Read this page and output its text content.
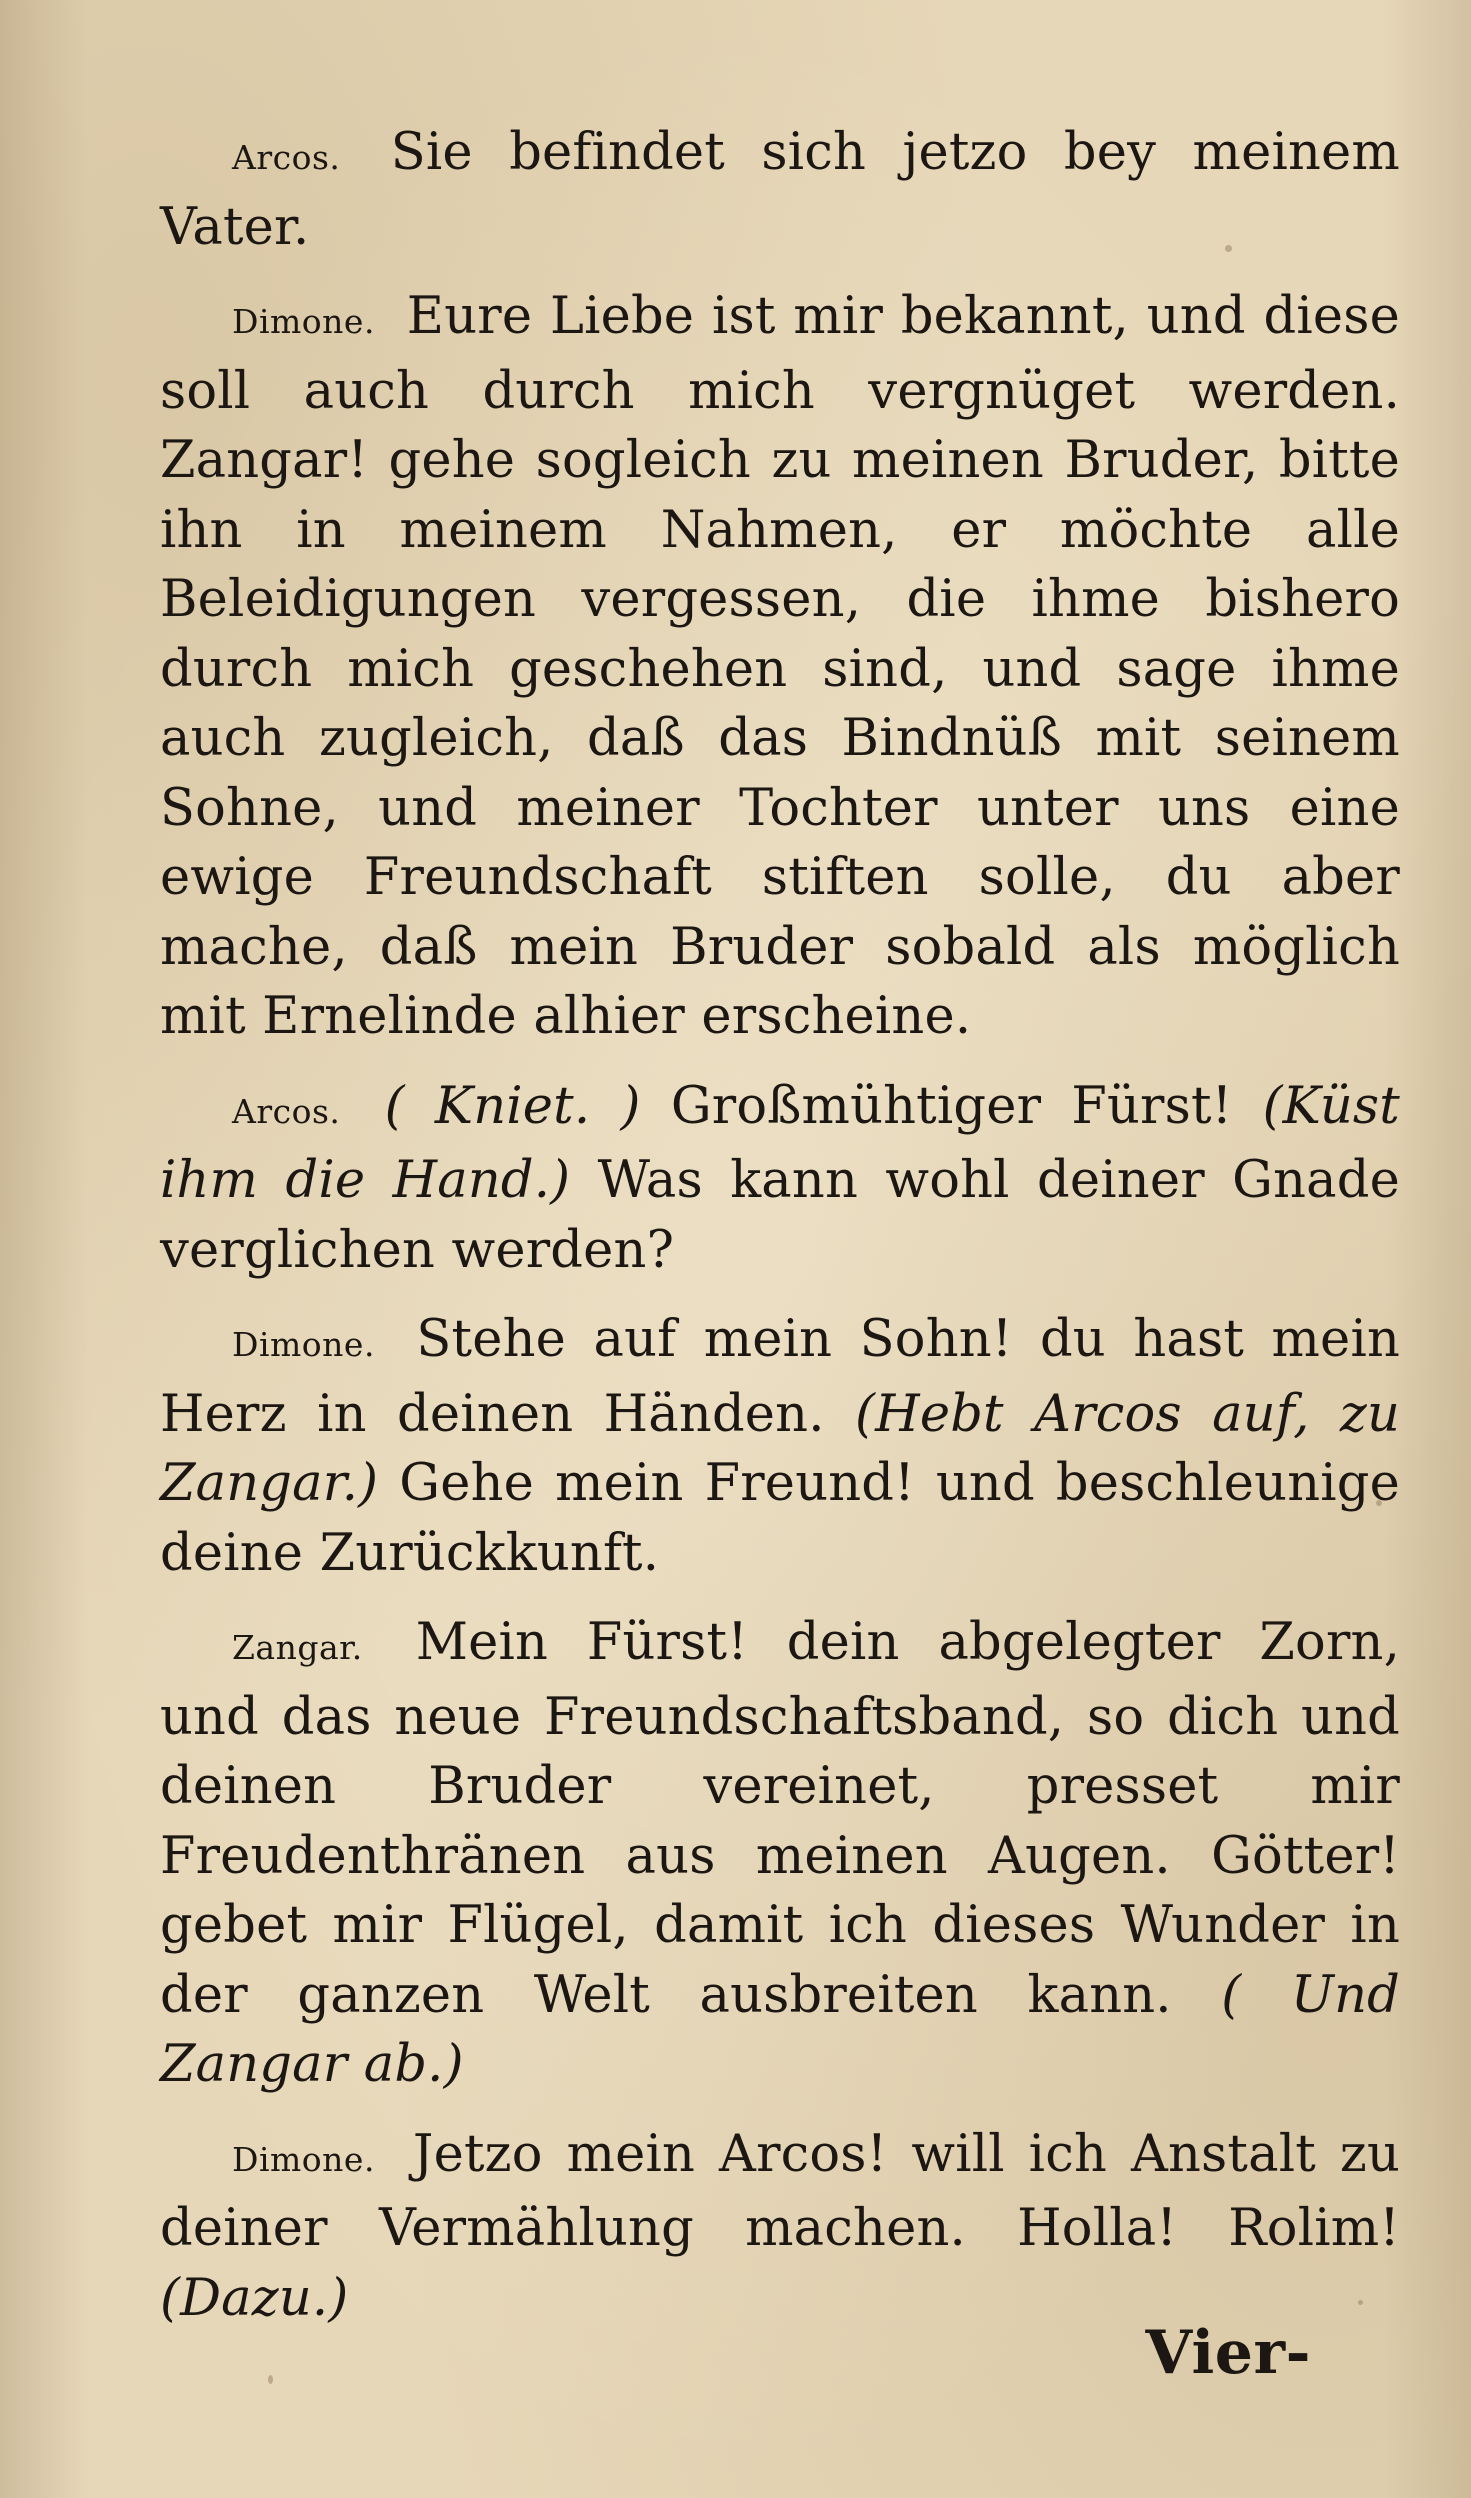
Arcos. Sie befindet sich jetzo bey meinem Vater.

Dimone. Eure Liebe ist mir bekannt, und diese soll auch durch mich vergnüget werden. Zangar! gehe sogleich zu meinen Bruder, bitte ihn in meinem Nahmen, er möchte alle Beleidigungen vergessen, die ihme bishero durch mich geschehen sind, und sage ihme auch zugleich, daß das Bindnüß mit seinem Sohne, und meiner Tochter unter uns eine ewige Freundschaft stiften solle, du aber mache, daß mein Bruder sobald als möglich mit Ernelinde alhier erscheine.

Arcos. ( Kniet. ) Großmühtiger Fürst! (Küst ihm die Hand.) Was kann wohl deiner Gnade verglichen werden?

Dimone. Stehe auf mein Sohn! du hast mein Herz in deinen Händen. (Hebt Arcos auf, zu Zangar.) Gehe mein Freund! und beschleunige deine Zurückkunft.

Zangar. Mein Fürst! dein abgelegter Zorn, und das neue Freundschaftsband, so dich und deinen Bruder vereinet, presset mir Freudenthränen aus meinen Augen. Götter! gebet mir Flügel, damit ich dieses Wunder in der ganzen Welt ausbreiten kann. ( Und Zangar ab.)

Dimone. Jetzo mein Arcos! will ich Anstalt zu deiner Vermählung machen. Holla! Rolim! (Dazu.)

Vier-
